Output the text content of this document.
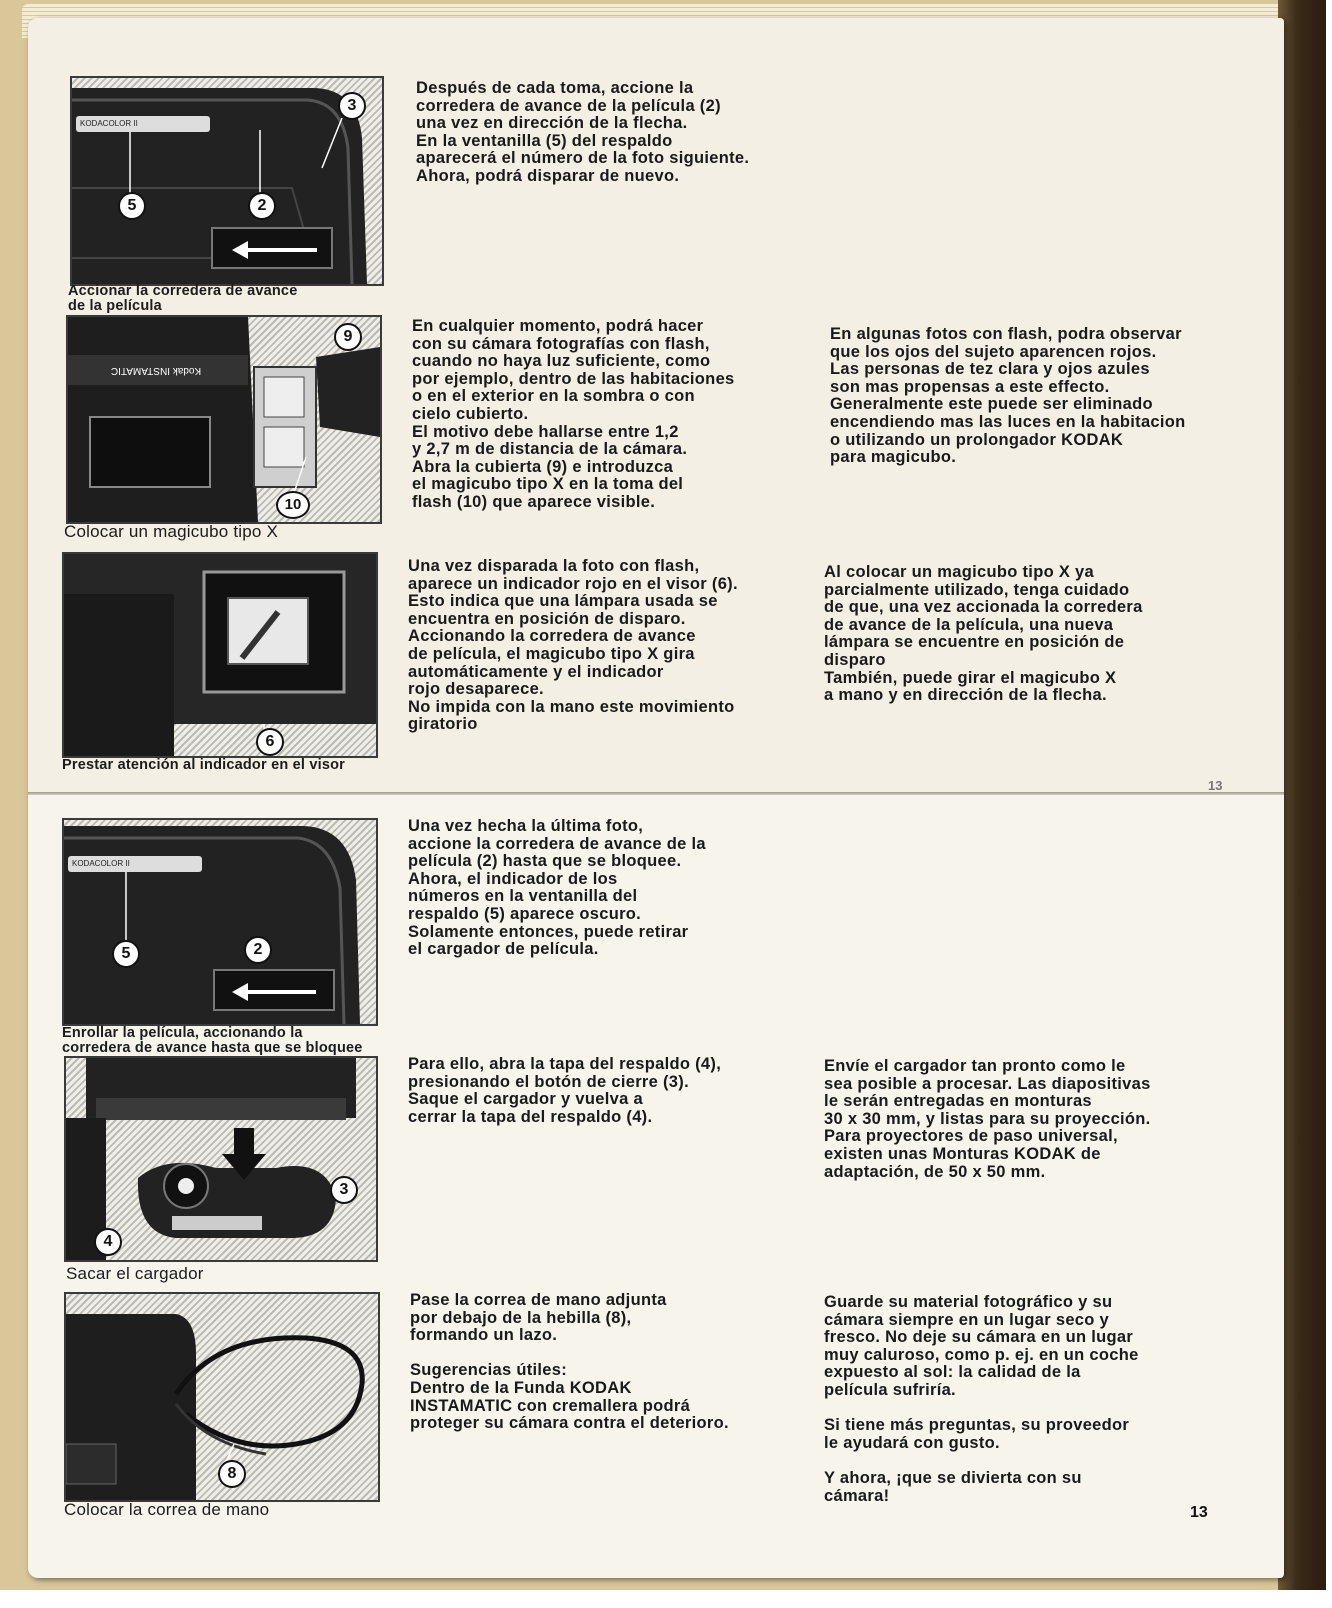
13
KODACOLOR II
3
5	2
Accionar la corredera de avance
de la película
Después de cada toma, accione la
corredera de avance de la película (2)
una vez en dirección de la flecha.
En la ventanilla (5) del respaldo
aparecerá el número de la foto siguiente.
Ahora, podrá disparar de nuevo.
Kodak INSTAMATIC
9
10
Colocar un magicubo tipo X
En cualquier momento, podrá hacer
con su cámara fotografías con flash,
cuando no haya luz suficiente, como
por ejemplo, dentro de las habitaciones
o en el exterior en la sombra o con
cielo cubierto.
El motivo debe hallarse entre 1,2
y 2,7 m de distancia de la cámara.
Abra la cubierta (9) e introduzca
el magicubo tipo X en la toma del
flash (10) que aparece visible.
En algunas fotos con flash, podra observar
que los ojos del sujeto aparencen rojos.
Las personas de tez clara y ojos azules
son mas propensas a este effecto.
Generalmente este puede ser eliminado
encendiendo mas las luces en la habitacion
o utilizando un prolongador KODAK
para magicubo.
6
Prestar atención al indicador en el visor
Una vez disparada la foto con flash,
aparece un indicador rojo en el visor (6).
Esto indica que una lámpara usada se
encuentra en posición de disparo.
Accionando la corredera de avance
de película, el magicubo tipo X gira
automáticamente y el indicador
rojo desaparece.
No impida con la mano este movimiento
giratorio
Al colocar un magicubo tipo X ya
parcialmente utilizado, tenga cuidado
de que, una vez accionada la corredera
de avance de la película, una nueva
lámpara se encuentre en posición de
disparo
También, puede girar el magicubo X
a mano y en dirección de la flecha.
KODACOLOR II
5	2
Enrollar la película, accionando la
corredera de avance hasta que se bloquee
Una vez hecha la última foto,
accione la corredera de avance de la
película (2) hasta que se bloquee.
Ahora, el indicador de los
números en la ventanilla del
respaldo (5) aparece oscuro.
Solamente entonces, puede retirar
el cargador de película.
3
4
Sacar el cargador
Para ello, abra la tapa del respaldo (4),
presionando el botón de cierre (3).
Saque el cargador y vuelva a
cerrar la tapa del respaldo (4).
Envíe el cargador tan pronto como le
sea posible a procesar. Las diapositivas
le serán entregadas en monturas
30 x 30 mm, y listas para su proyección.
Para proyectores de paso universal,
existen unas Monturas KODAK de
adaptación, de 50 x 50 mm.
8
Colocar la correa de mano
Pase la correa de mano adjunta
por debajo de la hebilla (8),
formando un lazo.

Sugerencias útiles:
Dentro de la Funda KODAK
INSTAMATIC con cremallera podrá
proteger su cámara contra el deterioro.
Guarde su material fotográfico y su
cámara siempre en un lugar seco y
fresco. No deje su cámara en un lugar
muy caluroso, como p. ej. en un coche
expuesto al sol: la calidad de la
película sufriría.

Si tiene más preguntas, su proveedor
le ayudará con gusto.

Y ahora, ¡que se divierta con su
cámara!
13
